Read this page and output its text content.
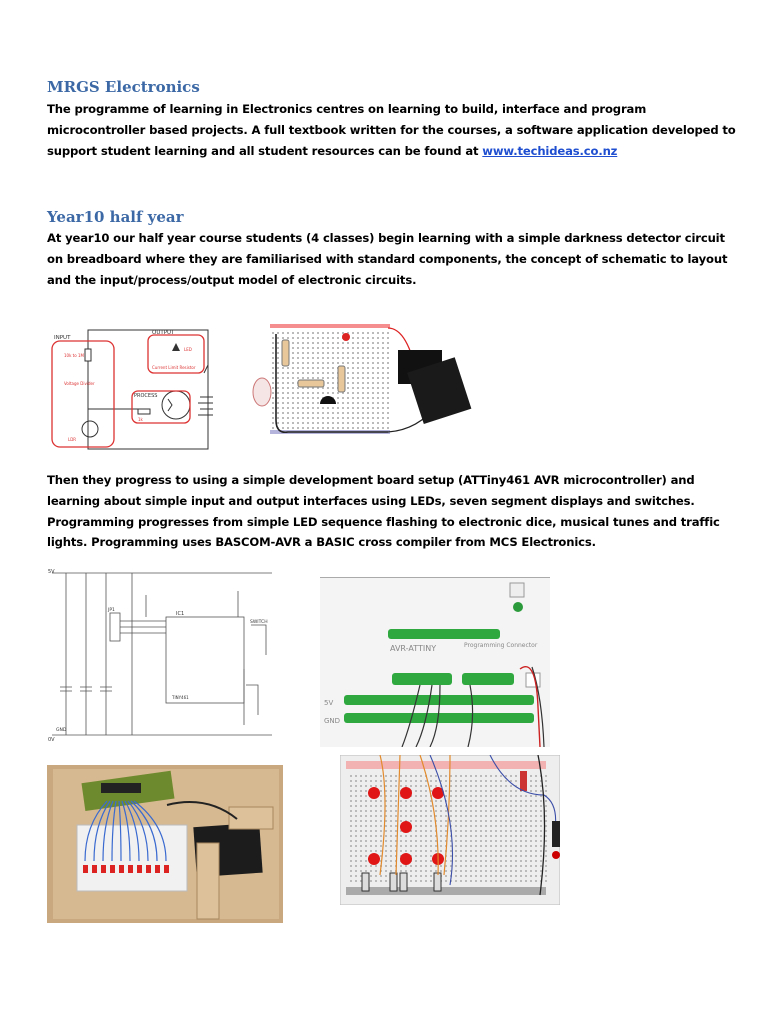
MRGS Electronics

The programme of learning in Electronics centres on learning to build, interface and program microcontroller based projects. A full textbook written for the courses, a software application developed to support student learning and all student resources can be found at www.techideas.co.nz

Year10 half year

At year10 our half year course students (4 classes) begin learning with a simple darkness detector circuit on breadboard where they are familiarised with standard components, the concept of schematic to layout and the input/process/output model of electronic circuits.

INPUT
OUTPUT
PROCESS
10k to 1M
Voltage Divider
LDR
Current Limit Resistor
LED
1k

Then they progress to using a simple development board setup (ATTiny461 AVR microcontroller) and learning about simple input and output interfaces using LEDs, seven segment displays and switches. Programming progresses from simple LED sequence flashing to electronic dice, musical tunes and traffic lights. Programming uses BASCOM-AVR a BASIC cross compiler from MCS Electronics.

5V
0V
GND
IC1
TINY461
JP1
SWITCH
AVR-ATTINY	Programming Connector
5V
GND
